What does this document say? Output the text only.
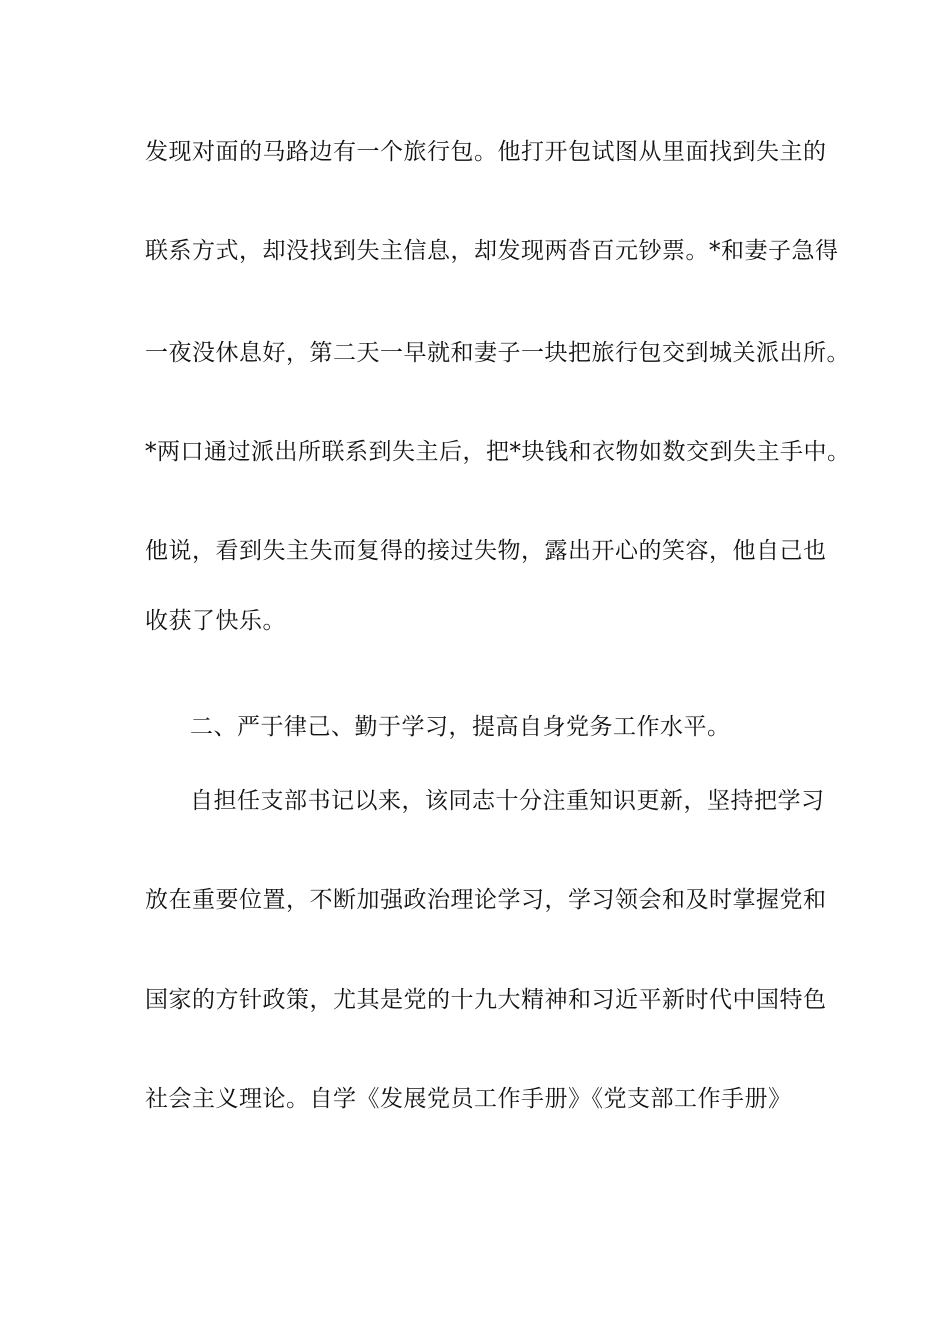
发现对面的马路边有一个旅行包。他打开包试图从里面找到失主的
联系方式，却没找到失主信息，却发现两沓百元钞票。*和妻子急得
一夜没休息好，第二天一早就和妻子一块把旅行包交到城关派出所。
*两口通过派出所联系到失主后，把*块钱和衣物如数交到失主手中。
他说，看到失主失而复得的接过失物，露出开心的笑容，他自己也
收获了快乐。
二、严于律己、勤于学习，提高自身党务工作水平。
自担任支部书记以来，该同志十分注重知识更新，坚持把学习
放在重要位置，不断加强政治理论学习，学习领会和及时掌握党和
国家的方针政策，尤其是党的十九大精神和习近平新时代中国特色
社会主义理论。自学《发展党员工作手册》《党支部工作手册》
